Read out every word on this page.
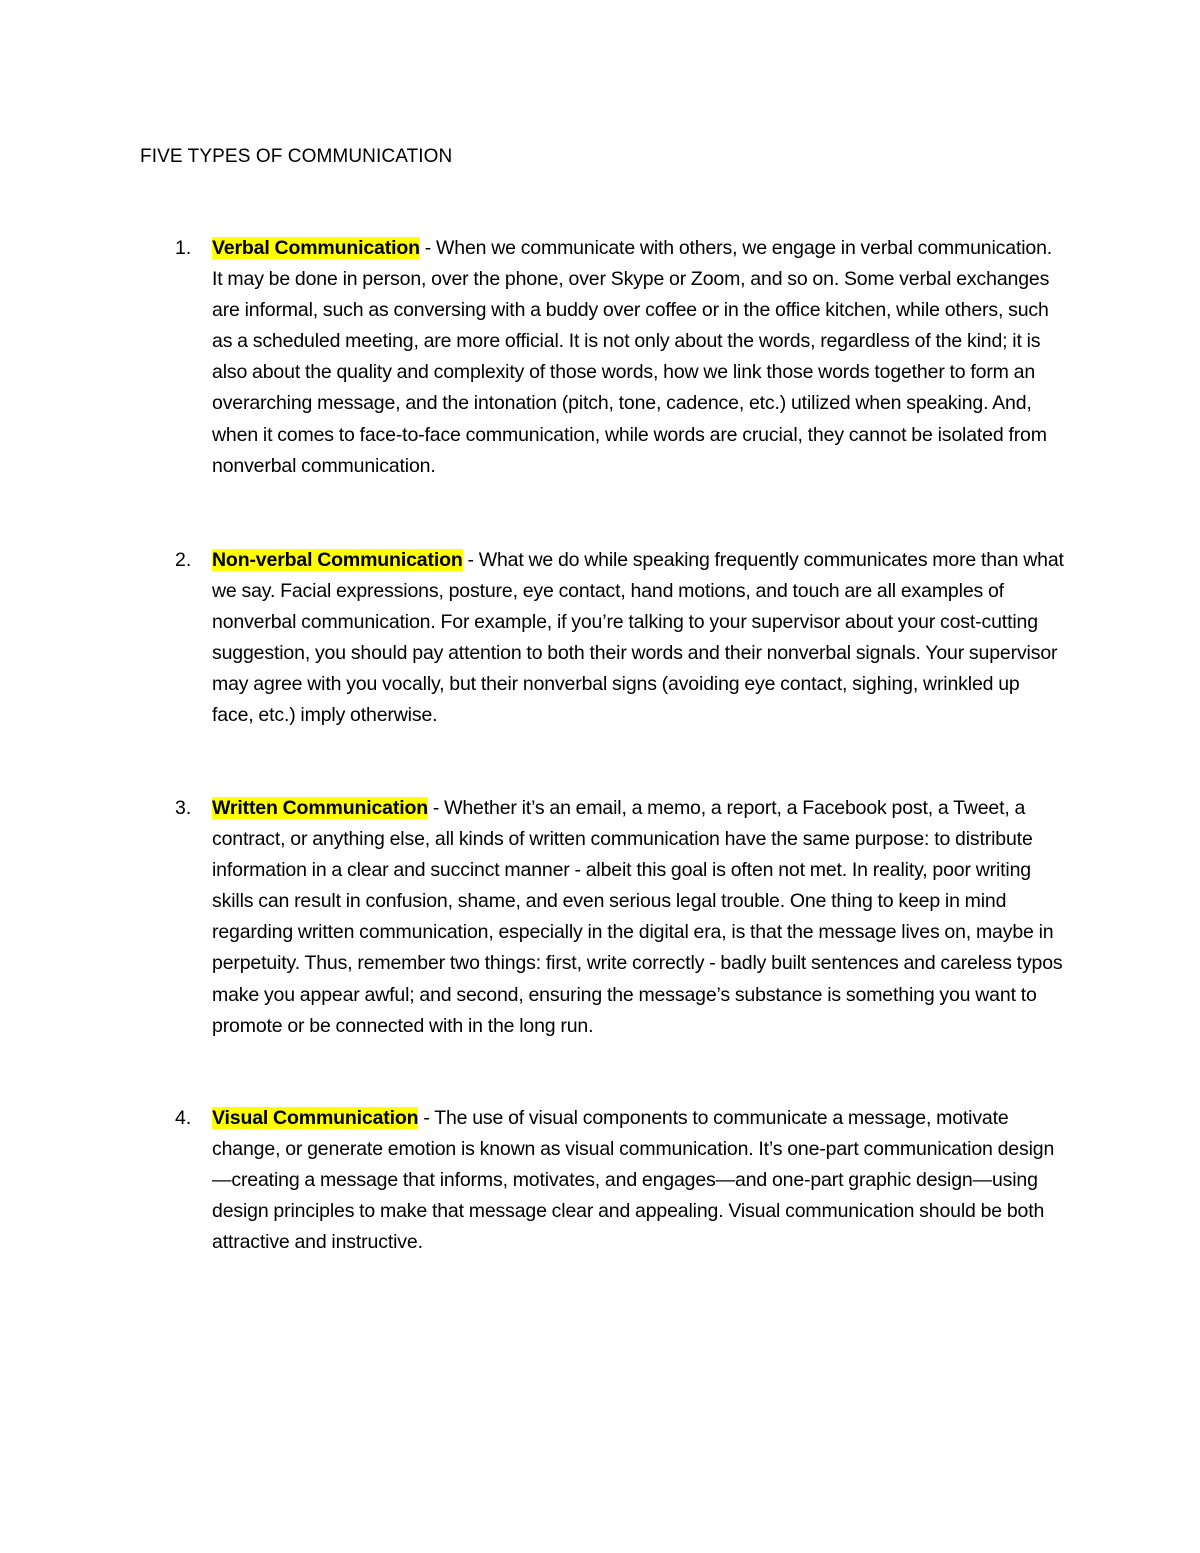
FIVE TYPES OF COMMUNICATION
1. Verbal Communication - When we communicate with others, we engage in verbal communication. It may be done in person, over the phone, over Skype or Zoom, and so on. Some verbal exchanges are informal, such as conversing with a buddy over coffee or in the office kitchen, while others, such as a scheduled meeting, are more official. It is not only about the words, regardless of the kind; it is also about the quality and complexity of those words, how we link those words together to form an overarching message, and the intonation (pitch, tone, cadence, etc.) utilized when speaking. And, when it comes to face-to-face communication, while words are crucial, they cannot be isolated from nonverbal communication.

2. Non-verbal Communication - What we do while speaking frequently communicates more than what we say. Facial expressions, posture, eye contact, hand motions, and touch are all examples of nonverbal communication. For example, if you’re talking to your supervisor about your cost-cutting suggestion, you should pay attention to both their words and their nonverbal signals. Your supervisor may agree with you vocally, but their nonverbal signs (avoiding eye contact, sighing, wrinkled up face, etc.) imply otherwise.

3. Written Communication - Whether it’s an email, a memo, a report, a Facebook post, a Tweet, a contract, or anything else, all kinds of written communication have the same purpose: to distribute information in a clear and succinct manner - albeit this goal is often not met. In reality, poor writing skills can result in confusion, shame, and even serious legal trouble. One thing to keep in mind regarding written communication, especially in the digital era, is that the message lives on, maybe in perpetuity. Thus, remember two things: first, write correctly - badly built sentences and careless typos make you appear awful; and second, ensuring the message’s substance is something you want to promote or be connected with in the long run.

4. Visual Communication - The use of visual components to communicate a message, motivate change, or generate emotion is known as visual communication. It’s one-part communication design—creating a message that informs, motivates, and engages—and one-part graphic design—using design principles to make that message clear and appealing. Visual communication should be both attractive and instructive.
